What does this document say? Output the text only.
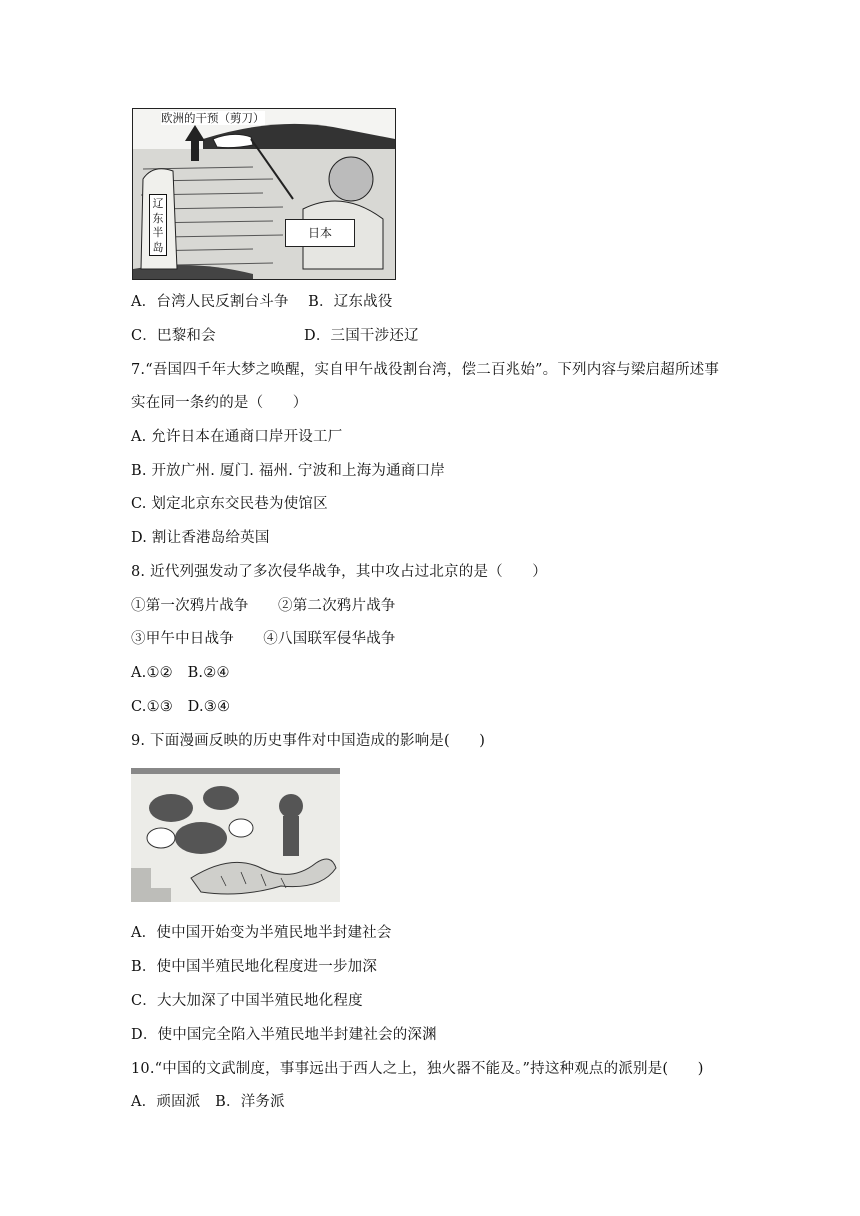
欧洲的干预（剪刀）
辽东半岛
日本
A．台湾人民反割台斗争　 B．辽东战役
C．巴黎和会　　　　　　D．三国干涉还辽
7.“吾国四千年大梦之唤醒，实自甲午战役割台湾，偿二百兆始”。下列内容与梁启超所述事
实在同一条约的是（　　）
A. 允许日本在通商口岸开设工厂
B. 开放广州. 厦门. 福州. 宁波和上海为通商口岸
C. 划定北京东交民巷为使馆区
D. 割让香港岛给英国
8. 近代列强发动了多次侵华战争，其中攻占过北京的是（　　）
①第一次鸦片战争　　②第二次鸦片战争
③甲午中日战争　　④八国联军侵华战争
A.①②　B.②④
C.①③　D.③④
9. 下面漫画反映的历史事件对中国造成的影响是(　　)
A．使中国开始变为半殖民地半封建社会
B．使中国半殖民地化程度进一步加深
C．大大加深了中国半殖民地化程度
D．使中国完全陷入半殖民地半封建社会的深渊
10.“中国的文武制度，事事远出于西人之上，独火器不能及。”持这种观点的派别是(　　)
A．顽固派　B．洋务派
